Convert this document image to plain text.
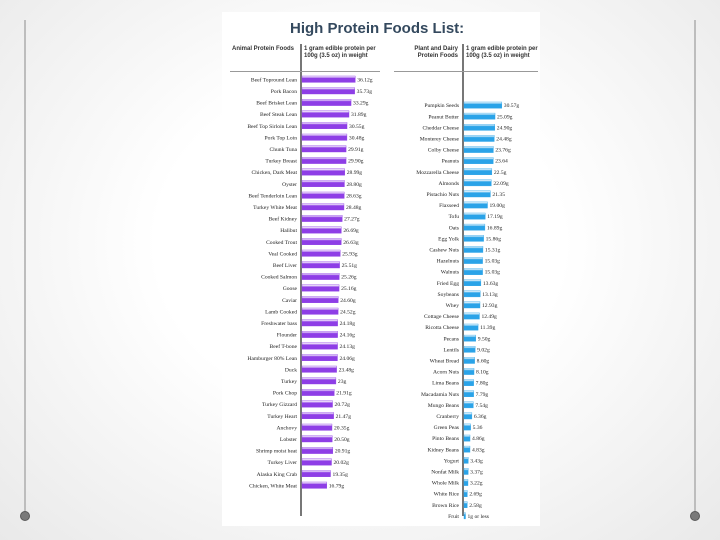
High Protein Foods List:
Animal Protein Foods 1 gram edible protein per 100g (3.5 oz) in weight
Plant and Dairy Protein Foods
1 gram edible protein per 100g (3.5 oz) in weight
Beef Topround Lean	36.12g
Pork Bacon	35.73g
Beef Brisket Lean	33.29g
Beef Steak Lean	31.89g
Beef Top Sirloin Lean	30.55g
Pork Top Loin	30.48g
Chunk Tuna	29.91g
Turkey Breast	29.90g
Chicken, Dark Meat	28.99g
Oyster	28.80g
Beef Tenderloin Lean	28.63g
Turkey White Meat	28.48g
Beef Kidney	27.27g
Halibut	26.69g
Cooked Trout	26.63g
Veal Cooked	25.93g
Beef Liver	25.51g
Cooked Salmon	25.26g
Goose	25.16g
Caviar	24.60g
Lamb Cooked	24.52g
Freshwater bass	24.18g
Flounder	24.16g
Beef T-bone	24.13g
Hamburger 80% Lean	24.06g
Duck	23.48g
Turkey	23g
Pork Chop	21.91g
Turkey Gizzard	20.72g
Turkey Heart	21.47g
Anchovy	20.35g
Lobster	20.50g
Shrimp moist heat	20.91g
Turkey Liver	20.02g
Alaska King Crab	19.35g
Chicken, White Meat	16.79g
Pumpkin Seeds	30.57g
Peanut Butter	25.09g
Cheddar Cheese	24.90g
Monterey Cheese	24.48g
Colby Cheese	23.76g
Peanuts	23.64
Mozzarella Cheese	22.5g
Almonds	22.09g
Pistachio Nuts	21.35
Flaxseed	19.00g
Tofu	17.19g
Oats	16.89g
Egg Yolk	15.86g
Cashew Nuts	15.31g
Hazelnuts	15.03g
Walnuts	15.03g
Fried Egg	13.63g
Soybeans	13.13g
Whey	12.93g
Cottage Cheese	12.49g
Ricotta Cheese	11.39g
Pecans	9.50g
Lentils	9.02g
Wheat Bread	8.60g
Acorn Nuts	8.10g
Lima Beans	7.80g
Macadamia Nuts	7.79g
Mungo Beans	7.54g
Cranberry	6.36g
Green Peas 5.36
Pinto Beans 4.86g
Kidney Beans 4.83g
Yogurt 3.43g
Nonfat Milk 3.37g
Whole Milk 3.22g
White Rice 2.69g
Brown Rice 2.58g
Fruit 1g or less
